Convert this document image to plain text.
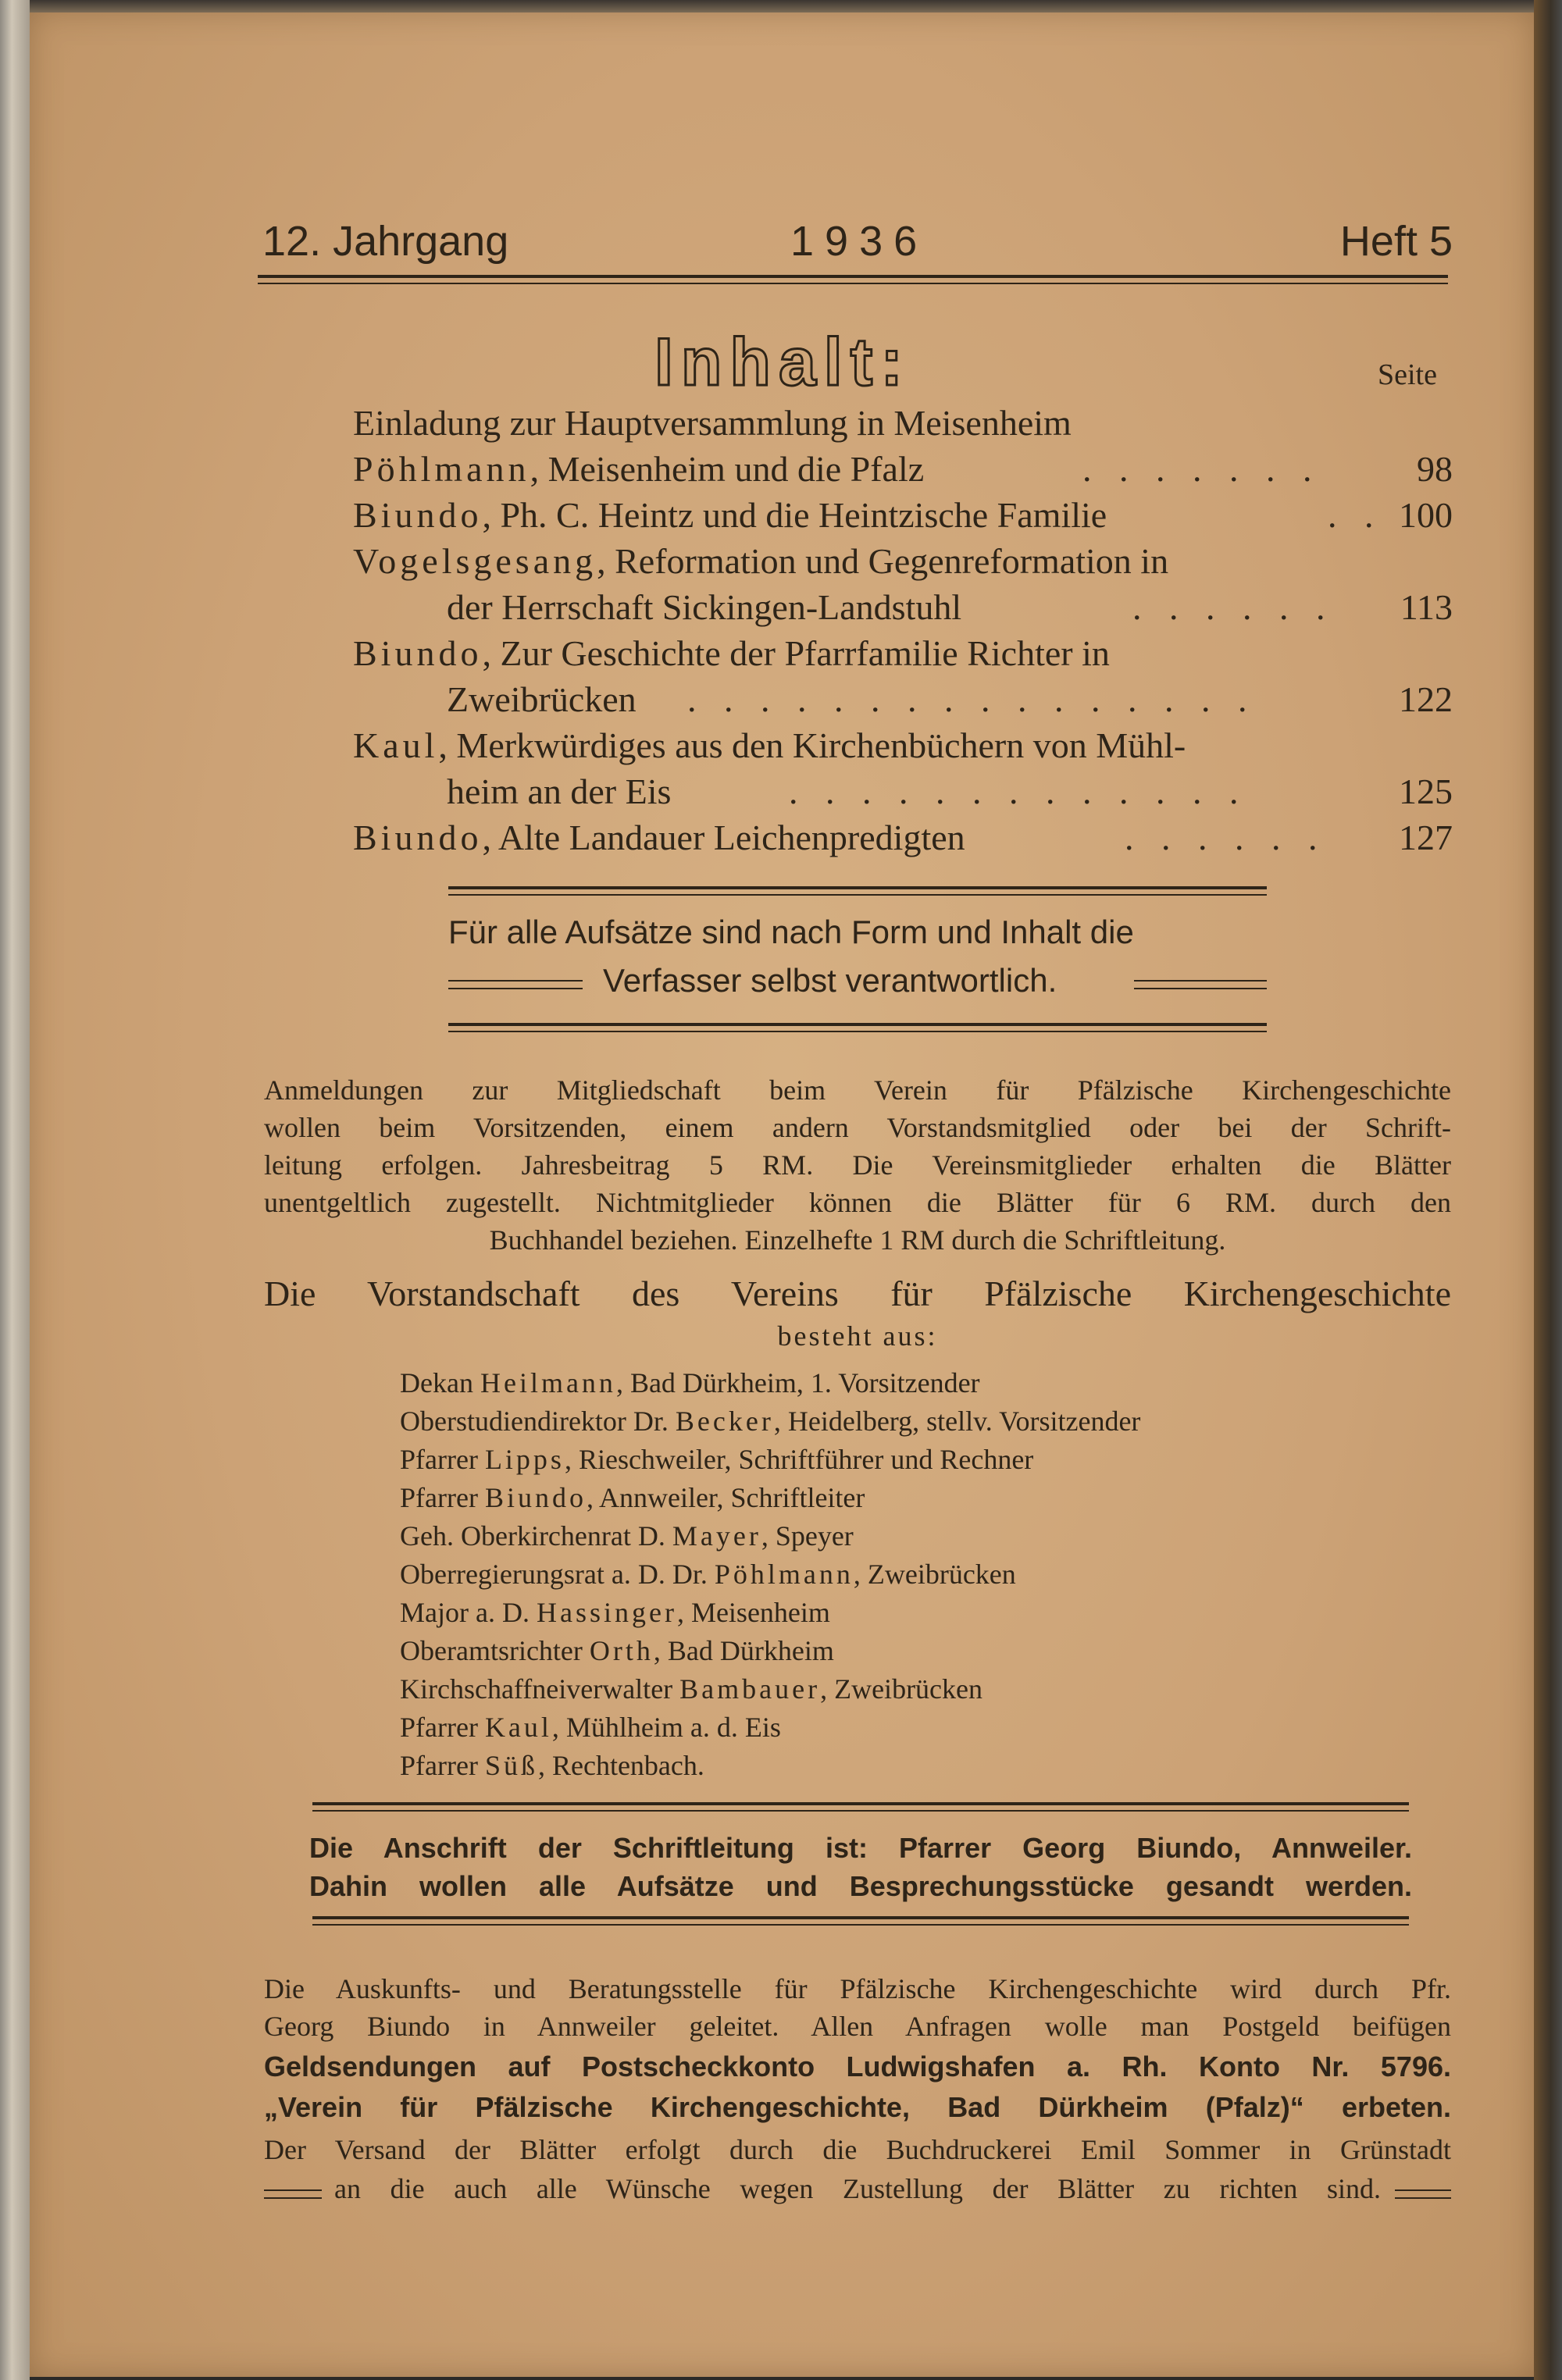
12. Jahrgang	1936	Heft 5
Inhalt:	Seite
Einladung zur Hauptversammlung in Meisenheim
Pöhlmann, Meisenheim und die Pfalz	. . . . . . .	98
Biundo, Ph. C. Heintz und die Heintzische Familie	. . 100
Vogelsgesang, Reformation und Gegenreformation in
der Herrschaft Sickingen-Landstuhl	. . . . . .	113
Biundo, Zur Geschichte der Pfarrfamilie Richter in
Zweibrücken . . . . . . . . . . . . . . . .	122
Kaul, Merkwürdiges aus den Kirchenbüchern von Mühl-
heim an der Eis	. . . . . . . . . . . . .	125
Biundo, Alte Landauer Leichenpredigten	. . . . . .	127
Für alle Aufsätze sind nach Form und Inhalt die
Verfasser selbst verantwortlich.
Anmeldungen zur Mitgliedschaft beim Verein für Pfälzische Kirchengeschichte
wollen beim Vorsitzenden, einem andern Vorstandsmitglied oder bei der Schrift-
leitung erfolgen. Jahresbeitrag 5 RM. Die Vereinsmitglieder erhalten die Blätter
unentgeltlich zugestellt. Nichtmitglieder können die Blätter für 6 RM. durch den
Buchhandel beziehen. Einzelhefte 1 RM durch die Schriftleitung.
Die Vorstandschaft des Vereins für Pfälzische Kirchengeschichte
besteht aus:
Dekan Heilmann, Bad Dürkheim, 1. Vorsitzender
Oberstudiendirektor Dr. Becker, Heidelberg, stellv. Vorsitzender
Pfarrer Lipps, Rieschweiler, Schriftführer und Rechner
Pfarrer Biundo, Annweiler, Schriftleiter
Geh. Oberkirchenrat D. Mayer, Speyer
Oberregierungsrat a. D. Dr. Pöhlmann, Zweibrücken
Major a. D. Hassinger, Meisenheim
Oberamtsrichter Orth, Bad Dürkheim
Kirchschaffneiverwalter Bambauer, Zweibrücken
Pfarrer Kaul, Mühlheim a. d. Eis
Pfarrer Süß, Rechtenbach.
Die Anschrift der Schriftleitung ist: Pfarrer Georg Biundo, Annweiler.
Dahin wollen alle Aufsätze und Besprechungsstücke gesandt werden.
Die Auskunfts- und Beratungsstelle für Pfälzische Kirchengeschichte wird durch Pfr.
Georg Biundo in Annweiler geleitet. Allen Anfragen wolle man Postgeld beifügen
Geldsendungen auf Postscheckkonto Ludwigshafen a. Rh. Konto Nr. 5796.
„Verein für Pfälzische Kirchengeschichte, Bad Dürkheim (Pfalz)“ erbeten.
Der Versand der Blätter erfolgt durch die Buchdruckerei Emil Sommer in Grünstadt
an die auch alle Wünsche wegen Zustellung der Blätter zu richten sind.
